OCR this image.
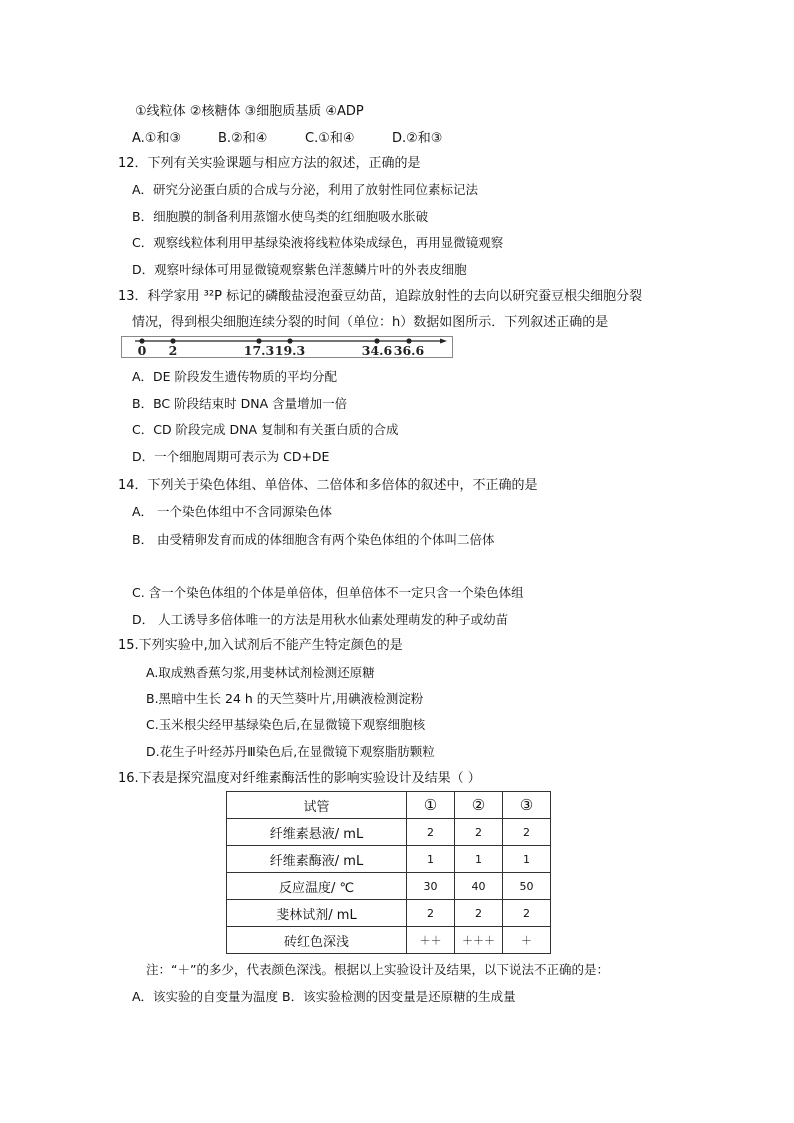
①线粒体 ②核糖体 ③细胞质基质 ④ADP
A.①和③	B.②和④	C.①和④	D.②和③
12．下列有关实验课题与相应方法的叙述，正确的是
A．研究分泌蛋白质的合成与分泌，利用了放射性同位素标记法
B．细胞膜的制备利用蒸馏水使鸟类的红细胞吸水胀破
C．观察线粒体利用甲基绿染液将线粒体染成绿色，再用显微镜观察
D．观察叶绿体可用显微镜观察紫色洋葱鳞片叶的外表皮细胞
13．科学家用 ³²P 标记的磷酸盐浸泡蚕豆幼苗，追踪放射性的去向以研究蚕豆根尖细胞分裂
情况，得到根尖细胞连续分裂的时间（单位：h）数据如图所示．下列叙述正确的是
0 2	17.3 19.3	34.6 36.6
A．DE 阶段发生遗传物质的平均分配
B．BC 阶段结束时 DNA 含量增加一倍
C．CD 阶段完成 DNA 复制和有关蛋白质的合成
D．一个细胞周期可表示为 CD+DE
14．下列关于染色体组、单倍体、二倍体和多倍体的叙述中，不正确的是
A． 一个染色体组中不含同源染色体
B． 由受精卵发育而成的体细胞含有两个染色体组的个体叫二倍体
C. 含一个染色体组的个体是单倍体，但单倍体不一定只含一个染色体组
D． 人工诱导多倍体唯一的方法是用秋水仙素处理萌发的种子或幼苗
15.下列实验中,加入试剂后不能产生特定颜色的是
A.取成熟香蕉匀浆,用斐林试剂检测还原糖
B.黑暗中生长 24 h 的天竺葵叶片,用碘液检测淀粉
C.玉米根尖经甲基绿染色后,在显微镜下观察细胞核
D.花生子叶经苏丹Ⅲ染色后,在显微镜下观察脂肪颗粒
16.下表是探究温度对纤维素酶活性的影响实验设计及结果（ ）
试管	①	②	③
纤维素悬液/ mL	2	2	2
纤维素酶液/ mL	1	1	1
反应温度/ ℃	30	40	50
斐林试剂/ mL	2	2	2
砖红色深浅	＋＋	＋＋＋	＋
注：“＋”的多少，代表颜色深浅。根据以上实验设计及结果，以下说法不正确的是：
A．该实验的自变量为温度 B．该实验检测的因变量是还原糖的生成量
